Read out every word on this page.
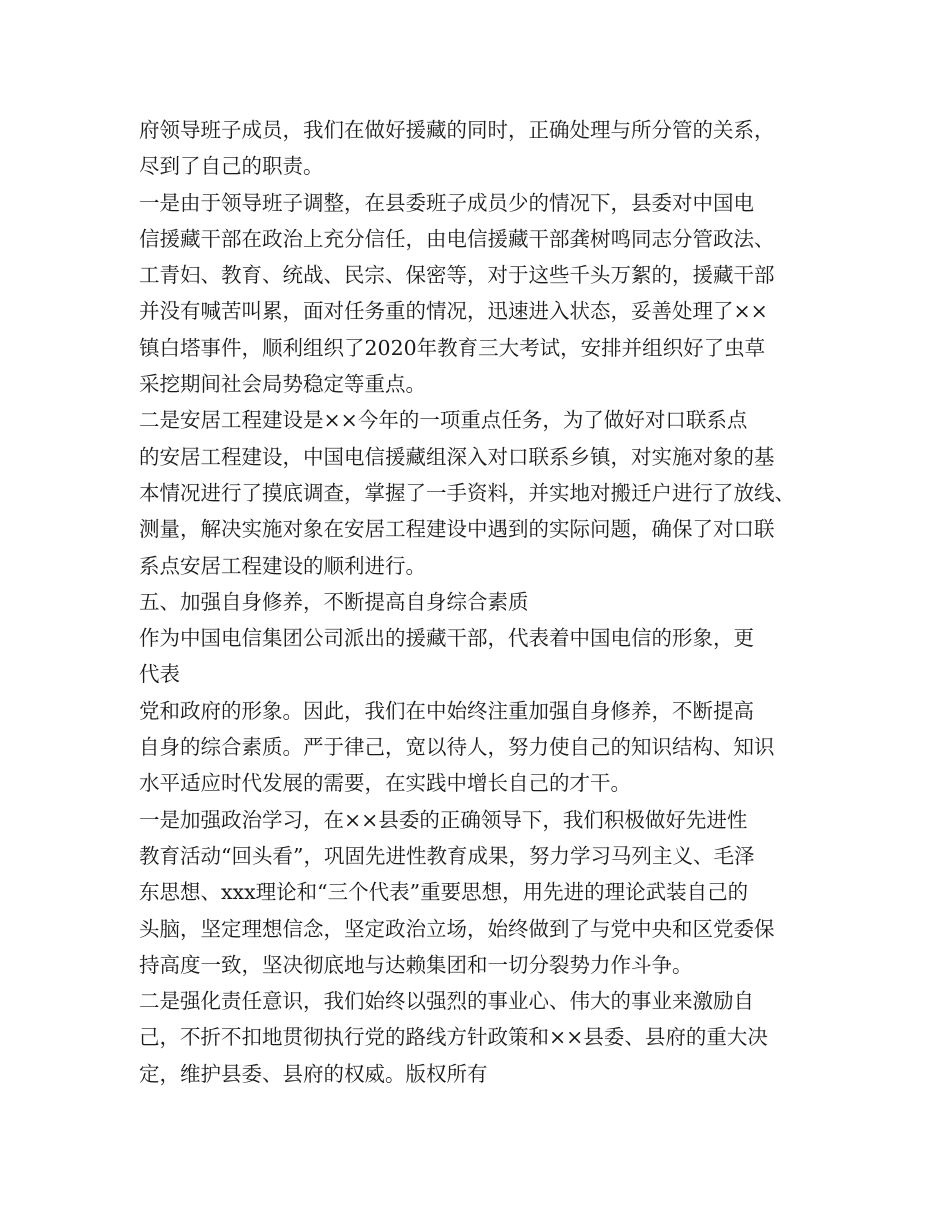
府领导班子成员，我们在做好援藏的同时，正确处理与所分管的关系，

尽到了自己的职责。

一是由于领导班子调整，在县委班子成员少的情况下，县委对中国电

信援藏干部在政治上充分信任，由电信援藏干部龚树鸣同志分管政法、

工青妇、教育、统战、民宗、保密等，对于这些千头万絮的，援藏干部

并没有喊苦叫累，面对任务重的情况，迅速进入状态，妥善处理了××

镇白塔事件，顺利组织了2020年教育三大考试，安排并组织好了虫草

采挖期间社会局势稳定等重点。

二是安居工程建设是××今年的一项重点任务，为了做好对口联系点

的安居工程建设，中国电信援藏组深入对口联系乡镇，对实施对象的基

本情况进行了摸底调查，掌握了一手资料，并实地对搬迁户进行了放线、

测量，解决实施对象在安居工程建设中遇到的实际问题，确保了对口联

系点安居工程建设的顺利进行。

五、加强自身修养，不断提高自身综合素质

作为中国电信集团公司派出的援藏干部，代表着中国电信的形象，更

代表

党和政府的形象。因此，我们在中始终注重加强自身修养，不断提高

自身的综合素质。严于律己，宽以待人，努力使自己的知识结构、知识

水平适应时代发展的需要，在实践中增长自己的才干。

一是加强政治学习，在××县委的正确领导下，我们积极做好先进性

教育活动“回头看”，巩固先进性教育成果，努力学习马列主义、毛泽

东思想、xxx理论和“三个代表”重要思想，用先进的理论武装自己的

头脑，坚定理想信念，坚定政治立场，始终做到了与党中央和区党委保

持高度一致，坚决彻底地与达赖集团和一切分裂势力作斗争。

二是强化责任意识，我们始终以强烈的事业心、伟大的事业来激励自

己，不折不扣地贯彻执行党的路线方针政策和××县委、县府的重大决

定，维护县委、县府的权威。版权所有
